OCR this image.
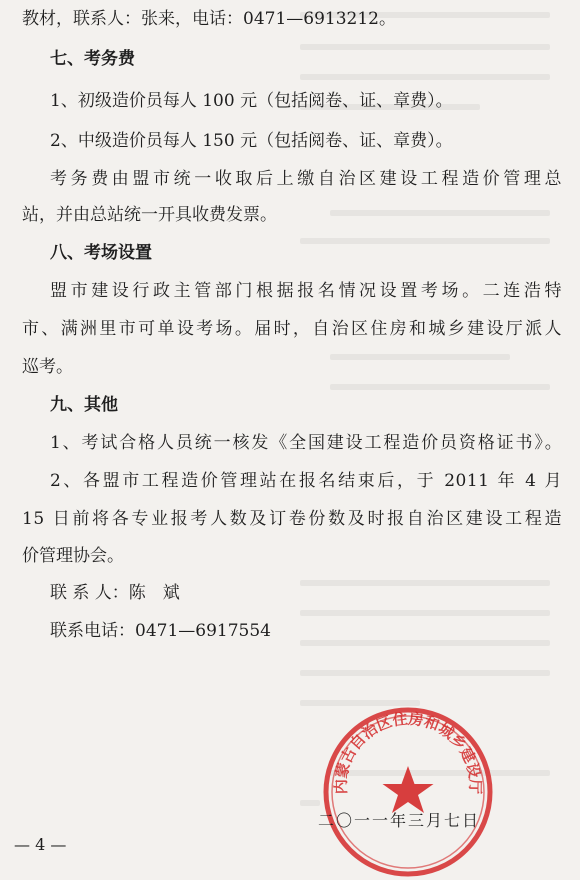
教材，联系人：张来，电话：0471—6913212。
七、考务费
1、初级造价员每人 100 元（包括阅卷、证、章费）。
2、中级造价员每人 150 元（包括阅卷、证、章费）。
考务费由盟市统一收取后上缴自治区建设工程造价管理总
站，并由总站统一开具收费发票。
八、考场设置
盟市建设行政主管部门根据报名情况设置考场。二连浩特
市、满洲里市可单设考场。届时，自治区住房和城乡建设厅派人
巡考。
九、其他
1、考试合格人员统一核发《全国建设工程造价员资格证书》。
2、各盟市工程造价管理站在报名结束后，于 2011 年 4 月
15 日前将各专业报考人数及订卷份数及时报自治区建设工程造
价管理协会。
联 系 人：陈　斌
联系电话：0471—6917554
内蒙古自治区住房和城乡建设厅
二〇一一年三月七日
— 4 —
